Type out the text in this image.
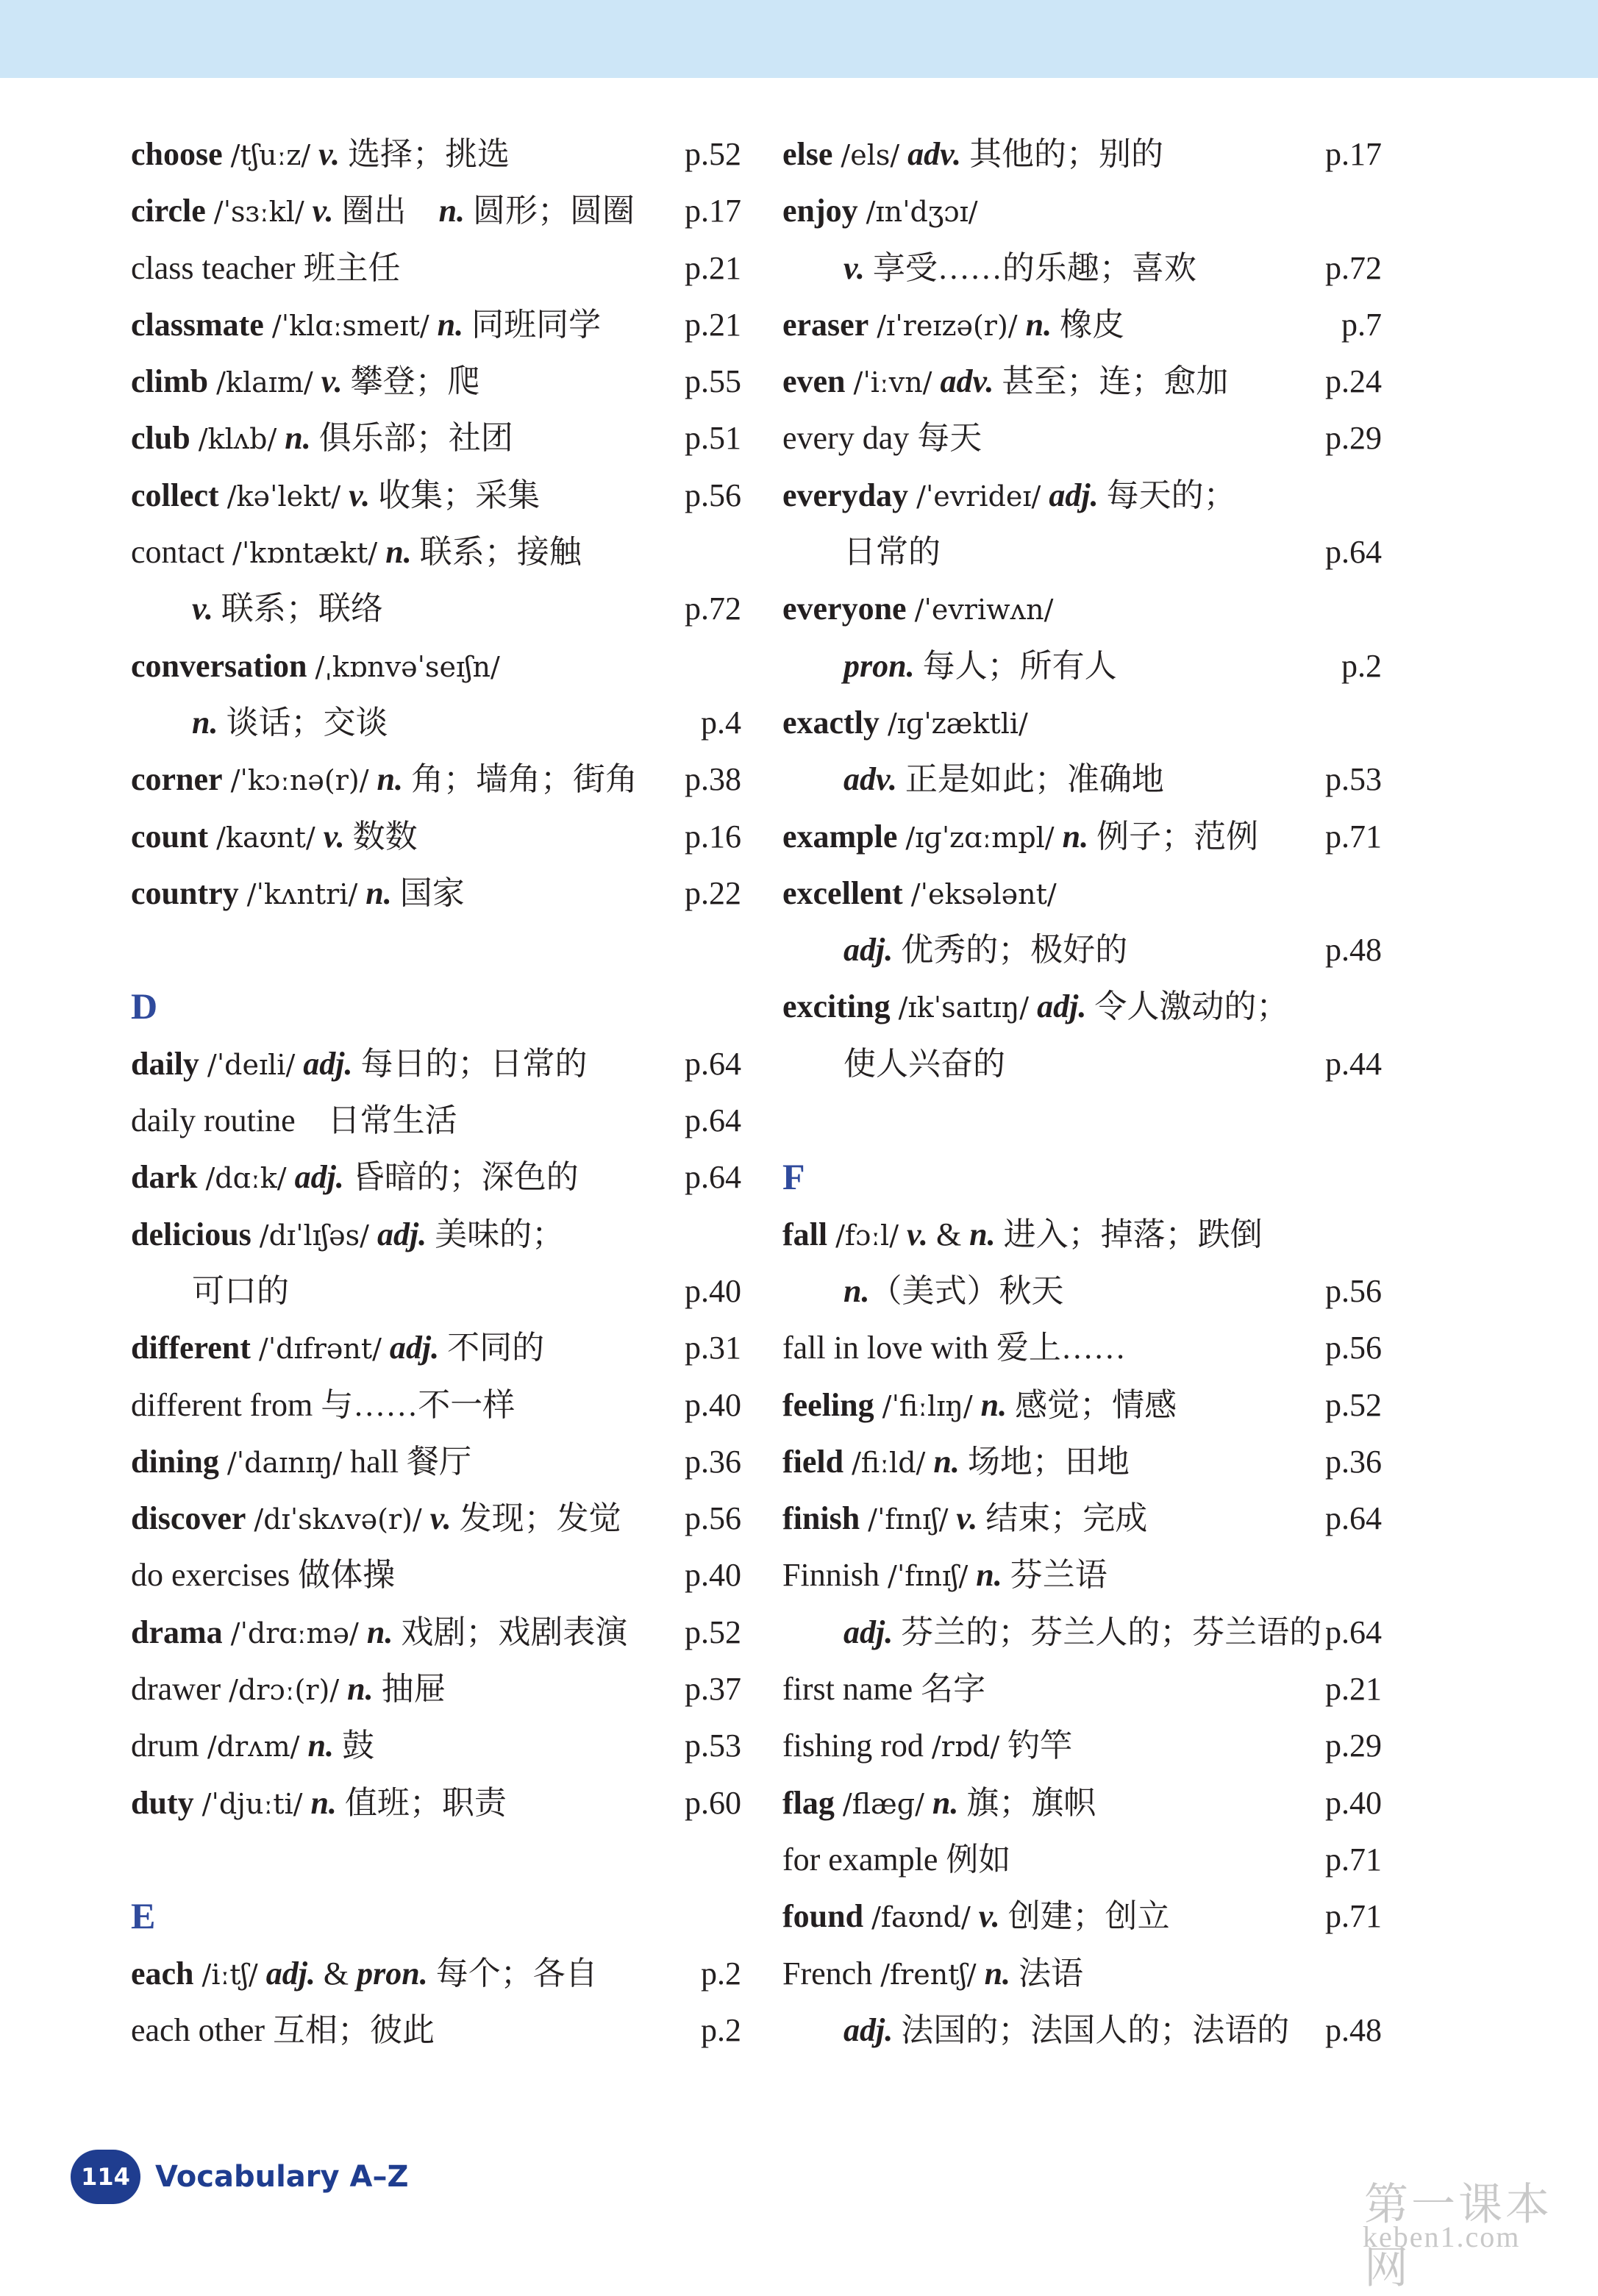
choose /tʃuːz/ v. 选择；挑选	p.52
circle /ˈsɜːkl/ v. 圈出　n. 圆形；圆圈 p.17
class teacher 班主任	p.21
classmate /ˈklɑːsmeɪt/ n. 同班同学	p.21
climb /klaɪm/ v. 攀登；爬	p.55
club /klʌb/ n. 俱乐部；社团	p.51
collect /kəˈlekt/ v. 收集；采集	p.56
contact /ˈkɒntækt/ n. 联系；接触
v. 联系；联络	p.72
conversation /ˌkɒnvəˈseɪʃn/
n. 谈话；交谈	p.4
corner /ˈkɔːnə(r)/ n. 角；墙角；街角 p.38
count /kaʊnt/ v. 数数	p.16
country /ˈkʌntri/ n. 国家	p.22
D
daily /ˈdeɪli/ adj. 每日的；日常的	p.64
daily routine　日常生活	p.64
dark /dɑːk/ adj. 昏暗的；深色的	p.64
delicious /dɪˈlɪʃəs/ adj. 美味的；
可口的	p.40
different /ˈdɪfrənt/ adj. 不同的	p.31
different from 与……不一样	p.40
dining /ˈdaɪnɪŋ/ hall 餐厅	p.36
discover /dɪˈskʌvə(r)/ v. 发现；发觉 p.56
do exercises 做体操	p.40
drama /ˈdrɑːmə/ n. 戏剧；戏剧表演 p.52
drawer /drɔː(r)/ n. 抽屉	p.37
drum /drʌm/ n. 鼓	p.53
duty /ˈdjuːti/ n. 值班；职责	p.60
E
each /iːtʃ/ adj. & pron. 每个；各自	p.2
each other 互相；彼此	p.2
else /els/ adv. 其他的；别的	p.17
enjoy /ɪnˈdʒɔɪ/
v. 享受……的乐趣；喜欢	p.72
eraser /ɪˈreɪzə(r)/ n. 橡皮	p.7
even /ˈiːvn/ adv. 甚至；连；愈加	p.24
every day 每天	p.29
everyday /ˈevrideɪ/ adj. 每天的；
日常的	p.64
everyone /ˈevriwʌn/
pron. 每人；所有人	p.2
exactly /ɪɡˈzæktli/
adv. 正是如此；准确地	p.53
example /ɪɡˈzɑːmpl/ n. 例子；范例 p.71
excellent /ˈeksələnt/
adj. 优秀的；极好的	p.48
exciting /ɪkˈsaɪtɪŋ/ adj. 令人激动的；
使人兴奋的	p.44
F
fall /fɔːl/ v. & n. 进入；掉落；跌倒
n.（美式）秋天	p.56
fall in love with 爱上……	p.56
feeling /ˈfiːlɪŋ/ n. 感觉；情感	p.52
field /fiːld/ n. 场地；田地	p.36
finish /ˈfɪnɪʃ/ v. 结束；完成	p.64
Finnish /ˈfɪnɪʃ/ n. 芬兰语
adj. 芬兰的；芬兰人的；芬兰语的 p.64
first name 名字	p.21
fishing rod /rɒd/ 钓竿	p.29
flag /flæɡ/ n. 旗；旗帜	p.40
for example 例如	p.71
found /faʊnd/ v. 创建；创立	p.71
French /frentʃ/ n. 法语
adj. 法国的；法国人的；法语的 p.48
114 Vocabulary A–Z
第一课本网
keben1.com
